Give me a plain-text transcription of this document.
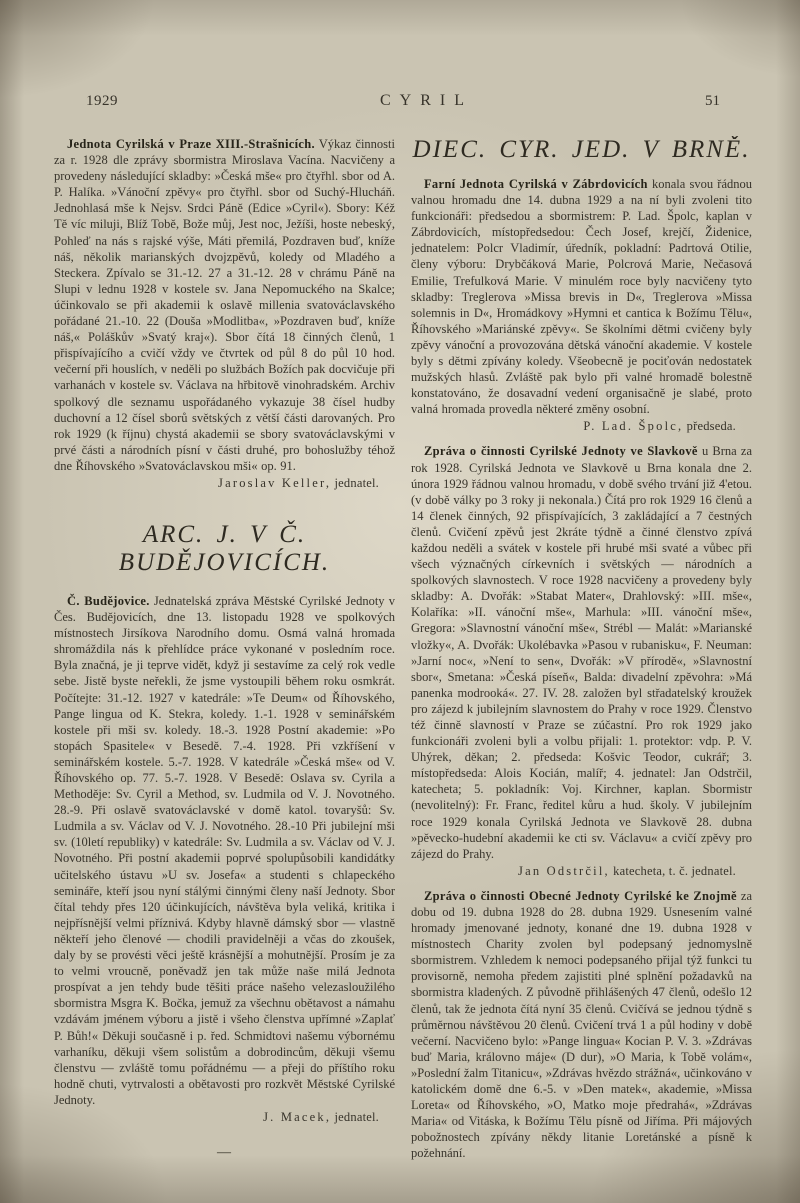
1929	CYRIL	51

Jednota Cyrilská v Praze XIII.-Strašnicích. Výkaz činnosti za r. 1928 dle zprávy sbormistra Miroslava Vacína. Nacvičeny a provedeny následující skladby: »Česká mše« pro čtyřhl. sbor od A. P. Halíka. »Vánoční zpěvy« pro čtyřhl. sbor od Suchý-Hlucháň. Jednohlasá mše k Nejsv. Srdci Páně (Edice »Cyril«). Sbory: Kéž Tě víc miluji, Blíž Tobě, Bože můj, Jest noc, Ježíši, hoste nebeský, Pohleď na nás s rajské výše, Máti přemilá, Pozdraven buď, kníže náš, několik marianských dvojzpěvů, koledy od Mladého a Steckera. Zpívalo se 31.-12. 27 a 31.-12. 28 v chrámu Páně na Slupi v lednu 1928 v kostele sv. Jana Nepomuckého na Skalce; účinkovalo se při akademii k oslavě millenia svatováclavského pořádané 21.-10. 22 (Douša »Modlitba«, »Pozdraven buď, kníže náš,« Poláškův »Svatý kraj«). Sbor čítá 18 činných členů, 1 přispívajícího a cvičí vždy ve čtvrtek od půl 8 do půl 10 hod. večerní při houslích, v neděli po službách Božích pak docvičuje při varhanách v kostele sv. Václava na hřbitově vinohradském. Archiv spolkový dle seznamu uspořádaného vykazuje 38 čísel hudby duchovní a 12 čísel sborů světských z větší části darovaných. Pro rok 1929 (k říjnu) chystá akademii se sbory svatováclavskými v prvé části a národních písní v části druhé, pro bohoslužby téhož dne Říhovského »Svatováclavskou mši« op. 91.

Jaroslav Keller, jednatel.
ARC. J. V Č. BUDĚJOVICÍCH.

Č. Budějovice. Jednatelská zpráva Městské Cyrilské Jednoty v Čes. Budějovicích, dne 13. listopadu 1928 ve spolkových místnostech Jirsíkova Narodního domu. Osmá valná hromada shromáždila nás k přehlídce práce vykonané v posledním roce. Byla značná, je ji teprve vidět, když ji sestavíme za celý rok vedle sebe. Jistě byste neřekli, že jsme vystoupili během roku osmkrát. Počítejte: 31.-12. 1927 v katedrále: »Te Deum« od Říhovského, Pange lingua od K. Stekra, koledy. 1.-1. 1928 v seminářském kostele při mši sv. koledy. 18.-3. 1928 Postní akademie: »Po stopách Spasitele« v Besedě. 7.-4. 1928. Při vzkříšení v seminářském kostele. 5.-7. 1928. V katedrále »Česká mše« od V. Říhovského op. 77. 5.-7. 1928. V Besedě: Oslava sv. Cyrila a Methoděje: Sv. Cyril a Method, sv. Ludmila od V. J. Novotného. 28.-9. Při oslavě svatováclavské v domě katol. tovaryšů: Sv. Ludmila a sv. Václav od V. J. Novotného. 28.-10 Při jubilejní mši sv. (10letí republiky) v katedrále: Sv. Ludmila a sv. Václav od V. J. Novotného. Při postní akademii poprvé spolupůsobili kandidátky učitelského ústavu »U sv. Josefa« a studenti s chlapeckého semináře, kteří jsou nyní stálými činnými členy naší Jednoty. Sbor čítal tehdy přes 120 účinkujících, návštěva byla veliká, kritika i nejpřísnější velmi příznivá. Kdyby hlavně dámský sbor — vlastně někteří jeho členové — chodili pravidelněji a včas do zkoušek, daly by se provésti věci ještě krásnější a mohutnější. Prosím je za to velmi vroucně, poněvadž jen tak může naše milá Jednota prospívat a jen tehdy bude těšiti práce našeho velezasloužilého sbormistra Msgra K. Bočka, jemuž za všechnu obětavost a námahu vzdávám jménem výboru a jistě i všeho členstva upřímné »Zaplať P. Bůh!« Děkuji současně i p. řed. Schmidtovi našemu výbornému varhaníku, děkuji všem solistům a dobrodincům, děkuji všemu členstvu — zvláště tomu pořádnému — a přeji do příštího roku hodně chuti, vytrvalosti a obětavosti pro rozkvět Městské Cyrilské Jednoty.

J. Macek, jednatel.
—
DIEC. CYR. JED. V BRNĚ.

Farní Jednota Cyrilská v Zábrdovicích konala svou řádnou valnou hromadu dne 14. dubna 1929 a na ní byli zvoleni tito funkcionáři: předsedou a sbormistrem: P. Lad. Špolc, kaplan v Zábrdovicích, místopředsedou: Čech Josef, krejčí, Židenice, jednatelem: Polcr Vladimír, úředník, pokladní: Padrtová Otilie, členy výboru: Drybčáková Marie, Polcrová Marie, Nečasová Emilie, Trefulková Marie. V minulém roce byly nacvičeny tyto skladby: Treglerova »Missa brevis in D«, Treglerova »Missa solemnis in D«, Hromádkovy »Hymni et cantica k Božímu Tělu«, Říhovského »Mariánské zpěvy«. Se školními dětmi cvičeny byly zpěvy vánoční a provozována dětská vánoční akademie. V kostele byly s dětmi zpívány koledy. Všeobecně je pociťován nedostatek mužských hlasů. Zvláště pak bylo při valné hromadě bolestně konstatováno, že dosavadní vedení organisačně je slabé, proto valná hromada provedla některé změny osobní.

P. Lad. Špolc, předseda.

Zpráva o činnosti Cyrilské Jednoty ve Slavkově u Brna za rok 1928. Cyrilská Jednota ve Slavkově u Brna konala dne 2. února 1929 řádnou valnou hromadu, v době svého trvání již 4'etou. (v době války po 3 roky ji nekonala.) Čítá pro rok 1929 16 členů a 14 členek činných, 92 přispívajících, 3 zakládající a 7 čestných členů. Cvičení zpěvů jest 2kráte týdně a činné členstvo zpívá každou neděli a svátek v kostele při hrubé mši svaté a vůbec při všech význačných církevních i světských — národních a spolkových slavnostech. V roce 1928 nacvičeny a provedeny byly skladby: A. Dvořák: »Stabat Mater«, Drahlovský: »III. mše«, Kolaříka: »II. vánoční mše«, Marhula: »III. vánoční mše«, Gregora: »Slavnostní vánoční mše«, Strébl — Malát: »Marianské vložky«, A. Dvořák: Ukolébavka »Pasou v rubanisku«, F. Neuman: »Jarní noc«, »Není to sen«, Dvořák: »V přírodě«, »Slavnostní sbor«, Smetana: »Česká píseň«, Balda: divadelní zpěvohra: »Má panenka modrooká«. 27. IV. 28. založen byl střadatelský kroužek pro zájezd k jubilejním slavnostem do Prahy v roce 1929. Členstvo též činně slavností v Praze se zúčastní. Pro rok 1929 jako funkcionáři zvoleni byli a volbu přijali: 1. protektor: vdp. P. V. Uhýrek, děkan; 2. předseda: Košvic Teodor, cukrář; 3. místopředseda: Alois Kocián, malíř; 4. jednatel: Jan Odstrčil, katecheta; 5. pokladník: Voj. Kirchner, kaplan. Sbormistr (nevolitelný): Fr. Franc, ředitel kůru a hud. školy. V jubilejním roce 1929 konala Cyrilská Jednota ve Slavkově 28. dubna »pěvecko-hudební akademii ke cti sv. Václavu« a cvičí zpěvy pro zájezd do Prahy.

Jan Odstrčil, katecheta, t. č. jednatel.

Zpráva o činnosti Obecné Jednoty Cyrilské ke Znojmě za dobu od 19. dubna 1928 do 28. dubna 1929. Usnesením valné hromady jmenované jednoty, konané dne 19. dubna 1928 v místnostech Charity zvolen byl podepsaný jednomyslně sbormistrem. Vzhledem k nemoci podepsaného přijal týž funkci tu provisorně, nemoha předem zajistiti plné splnění požadavků na sbormistra kladených. Z původně přihlášených 47 členů, odešlo 12 členů, tak že jednota čítá nyní 35 členů. Cvičívá se jednou týdně s průměrnou návštěvou 20 členů. Cvičení trvá 1 a půl hodiny v době večerní. Nacvičeno bylo: »Pange lingua« Kocian P. V. 3. »Zdrávas buď Maria, královno máje« (D dur), »O Maria, k Tobě volám«, »Poslední žalm Titanicu«, »Zdrávas hvězdo strážná«, učinkováno v katolickém domě dne 6.-5. v »Den matek«, akademie, »Missa Loreta« od Říhovského, »O, Matko moje předrahá«, »Zdrávas Maria« od Vitáska, k Božímu Tělu písně od Jiříma. Při májových pobožnostech zpívány někdy litanie Loretánské a písně k požehnání.
